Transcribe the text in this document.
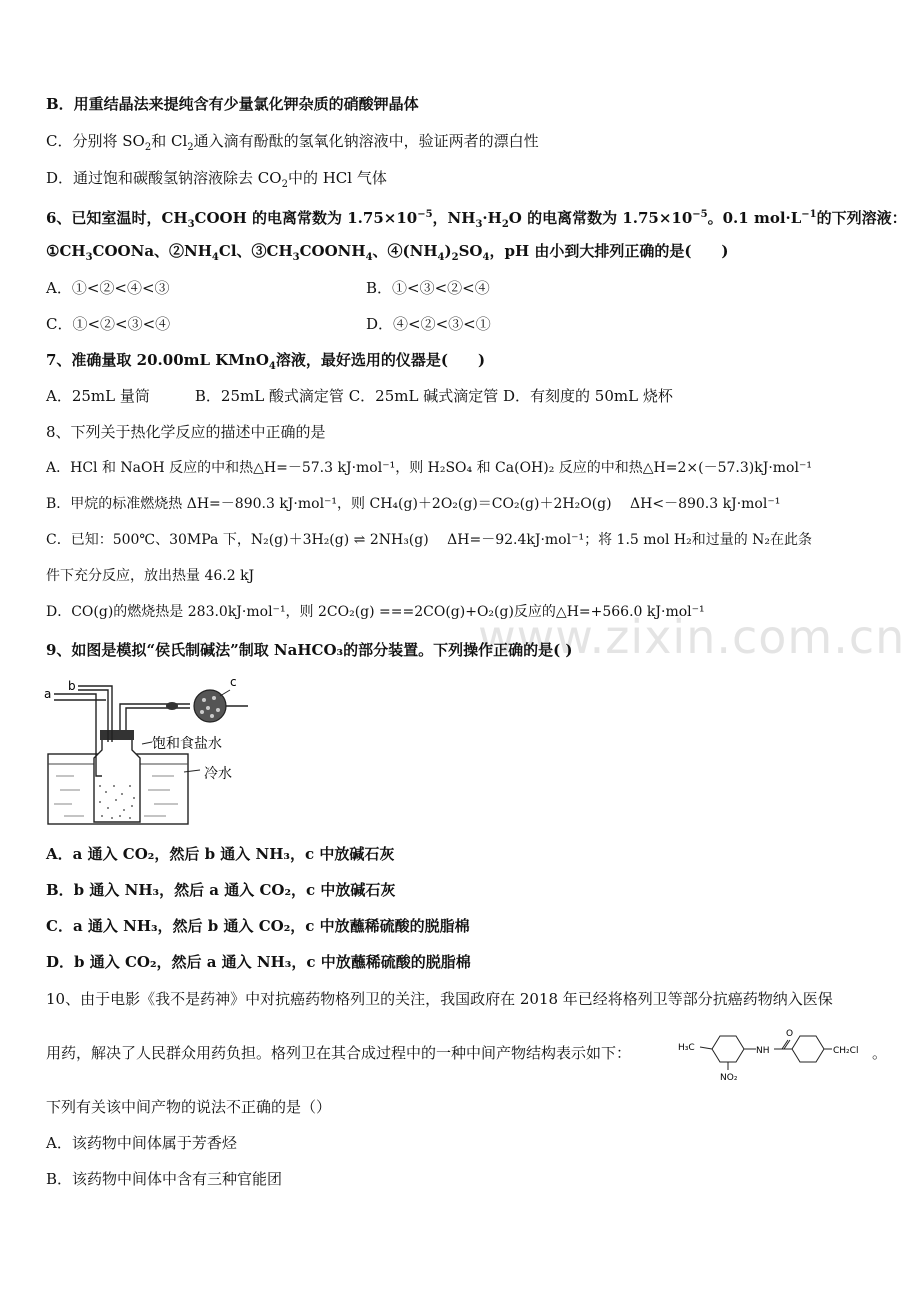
www.zixin.com.cn
B．用重结晶法来提纯含有少量氯化钾杂质的硝酸钾晶体
C．分别将 $SO_2$和 $Cl_2$通入滴有酚酞的氢氧化钠溶液中，验证两者的漂白性
D．通过饱和碳酸氢钠溶液除去 $CO_2$中的 HCl 气体
6、已知室温时，$CH_3COOH$ 的电离常数为 $1.75\times 10^{-5}$，$NH_3\cdot H_2O$ 的电离常数为 $1.75\times 10^{-5}$。0.1 $mol\cdot L^{-1}$的下列溶液：
$①CH_3COONa$、$②NH_4Cl$、$③CH_3COONH_4$、$④(NH_4)_2SO_4$，pH 由小到大排列正确的是(　　)
A．①<②<④<③	B．①<③<②<④
C．①<②<③<④	D．④<②<③<①
7、准确量取 20.00mL KMnO$_4$溶液，最好选用的仪器是(　　)
A．25mL 量筒　　　B．25mL 酸式滴定管 C．25mL 碱式滴定管 D．有刻度的 50mL 烧杯
8、下列关于热化学反应的描述中正确的是
A．HCl 和 NaOH 反应的中和热△H=－57.3 kJ·mol⁻¹，则 H₂SO₄ 和 Ca(OH)₂ 反应的中和热△H=2×(－57.3)kJ·mol⁻¹
B．甲烷的标准燃烧热 ΔH=－890.3 kJ·mol⁻¹，则 CH₄(g)＋2O₂(g)＝CO₂(g)＋2H₂O(g)　 ΔH<－890.3 kJ·mol⁻¹
C．已知：500℃、30MPa 下，N₂(g)＋3H₂(g) ⇌ 2NH₃(g)　 ΔH=－92.4kJ·mol⁻¹；将 1.5 mol H₂和过量的 N₂在此条
件下充分反应，放出热量 46.2 kJ
D．CO(g)的燃烧热是 283.0kJ·mol⁻¹，则 2CO₂(g) ===2CO(g)+O₂(g)反应的△H=+566.0 kJ·mol⁻¹
9、如图是模拟“侯氏制碱法”制取 NaHCO₃的部分装置。下列操作正确的是( )
a
b	c
饱和食盐水
冷水
A．a 通入 CO₂，然后 b 通入 NH₃，c 中放碱石灰
B．b 通入 NH₃，然后 a 通入 CO₂，c 中放碱石灰
C．a 通入 NH₃，然后 b 通入 CO₂，c 中放蘸稀硫酸的脱脂棉
D．b 通入 CO₂，然后 a 通入 NH₃，c 中放蘸稀硫酸的脱脂棉
10、由于电影《我不是药神》中对抗癌药物格列卫的关注，我国政府在 2018 年已经将格列卫等部分抗癌药物纳入医保
用药，解决了人民群众用药负担。格列卫在其合成过程中的一种中间产物结构表示如下：	H₃C	NH
O
CH₂Cl
NO₂
。
下列有关该中间产物的说法不正确的是（）
A．该药物中间体属于芳香烃
B．该药物中间体中含有三种官能团
